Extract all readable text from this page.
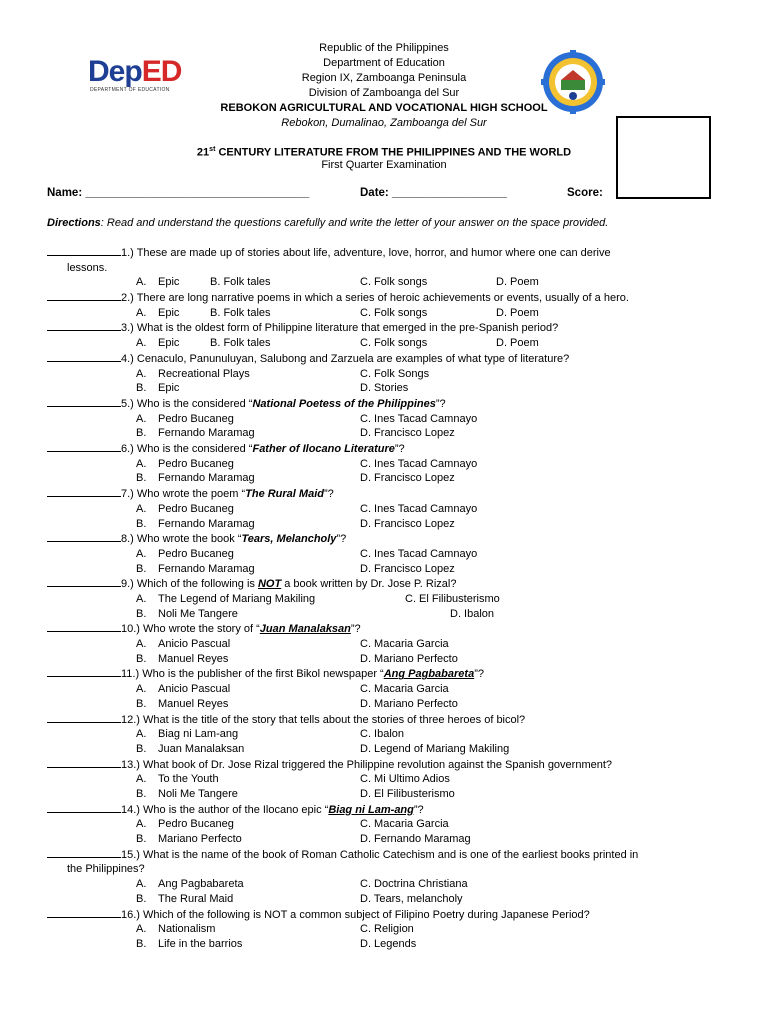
DepED
DEPARTMENT OF EDUCATION
Republic of the Philippines
Department of Education
Region IX, Zamboanga Peninsula
Division of Zamboanga del Sur
REBOKON AGRICULTURAL AND VOCATIONAL HIGH SCHOOL
Rebokon, Dumalinao, Zamboanga del Sur
21st CENTURY LITERATURE FROM THE PHILIPPINES AND THE WORLD
First Quarter Examination
Name: ___________________________________	Date: __________________	Score:
Directions: Read and understand the questions carefully and write the letter of your answer on the space provided.
1.) These are made up of stories about life, adventure, love, horror, and humor where one can derive
lessons.
A. Epic	B. Folk tales	C. Folk songs	D. Poem
2.) There are long narrative poems in which a series of heroic achievements or events, usually of a hero.
A. Epic	B. Folk tales	C. Folk songs	D. Poem
3.) What is the oldest form of Philippine literature that emerged in the pre-Spanish period?
A. Epic	B. Folk tales	C. Folk songs	D. Poem
4.) Cenaculo, Panunuluyan, Salubong and Zarzuela are examples of what type of literature?
A. Recreational Plays	C. Folk Songs
B. Epic	D. Stories
5.) Who is the considered “National Poetess of the Philippines”?
A. Pedro Bucaneg	C. Ines Tacad Camnayo
B. Fernando Maramag	D. Francisco Lopez
6.) Who is the considered “Father of Ilocano Literature”?
A. Pedro Bucaneg	C. Ines Tacad Camnayo
B. Fernando Maramag	D. Francisco Lopez
7.) Who wrote the poem “The Rural Maid”?
A. Pedro Bucaneg	C. Ines Tacad Camnayo
B. Fernando Maramag	D. Francisco Lopez
8.) Who wrote the book “Tears, Melancholy”?
A. Pedro Bucaneg	C. Ines Tacad Camnayo
B. Fernando Maramag	D. Francisco Lopez
9.) Which of the following is NOT a book written by Dr. Jose P. Rizal?
A. The Legend of Mariang Makiling	C. El Filibusterismo
B. Noli Me Tangere	D. Ibalon
10.) Who wrote the story of “Juan Manalaksan”?
A. Anicio Pascual	C. Macaria Garcia
B. Manuel Reyes	D. Mariano Perfecto
11.) Who is the publisher of the first Bikol newspaper “Ang Pagbabareta”?
A. Anicio Pascual	C. Macaria Garcia
B. Manuel Reyes	D. Mariano Perfecto
12.) What is the title of the story that tells about the stories of three heroes of bicol?
A. Biag ni Lam-ang	C. Ibalon
B. Juan Manalaksan	D. Legend of Mariang Makiling
13.) What book of Dr. Jose Rizal triggered the Philippine revolution against the Spanish government?
A. To the Youth	C. Mi Ultimo Adios
B. Noli Me Tangere	D. El Filibusterismo
14.) Who is the author of the Ilocano epic “Biag ni Lam-ang”?
A. Pedro Bucaneg	C. Macaria Garcia
B. Mariano Perfecto	D. Fernando Maramag
15.) What is the name of the book of Roman Catholic Catechism and is one of the earliest books printed in
the Philippines?
A. Ang Pagbabareta	C. Doctrina Christiana
B. The Rural Maid	D. Tears, melancholy
16.) Which of the following is NOT a common subject of Filipino Poetry during Japanese Period?
A. Nationalism	C. Religion
B. Life in the barrios	D. Legends
